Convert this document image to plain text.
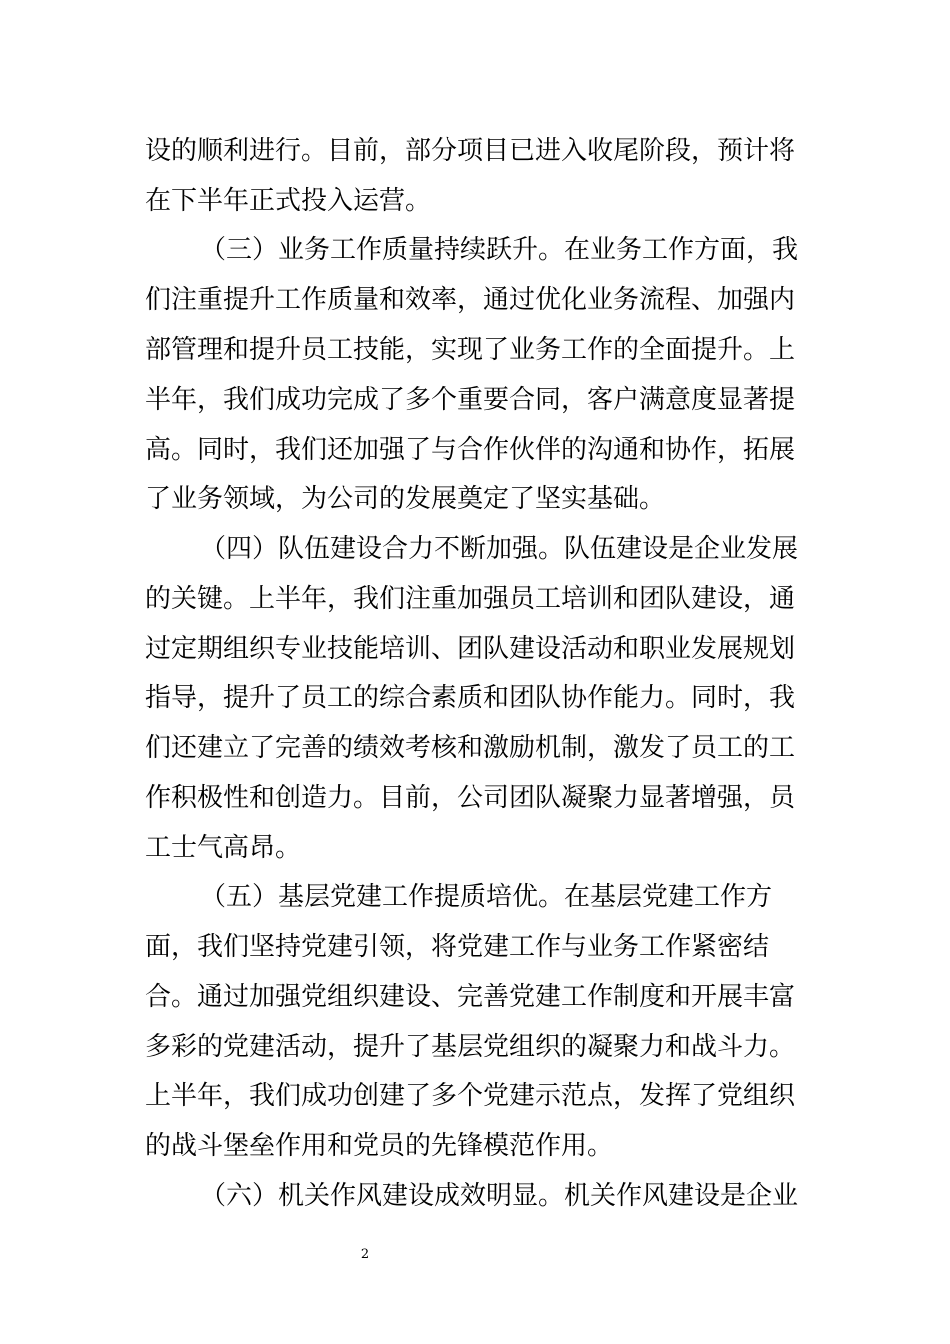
设的顺利进行。目前，部分项目已进入收尾阶段，预计将
在下半年正式投入运营。
（三）业务工作质量持续跃升。在业务工作方面，我
们注重提升工作质量和效率，通过优化业务流程、加强内
部管理和提升员工技能，实现了业务工作的全面提升。上
半年，我们成功完成了多个重要合同，客户满意度显著提
高。同时，我们还加强了与合作伙伴的沟通和协作，拓展
了业务领域，为公司的发展奠定了坚实基础。
（四）队伍建设合力不断加强。队伍建设是企业发展
的关键。上半年，我们注重加强员工培训和团队建设，通
过定期组织专业技能培训、团队建设活动和职业发展规划
指导，提升了员工的综合素质和团队协作能力。同时，我
们还建立了完善的绩效考核和激励机制，激发了员工的工
作积极性和创造力。目前，公司团队凝聚力显著增强，员
工士气高昂。
（五）基层党建工作提质培优。在基层党建工作方
面，我们坚持党建引领，将党建工作与业务工作紧密结
合。通过加强党组织建设、完善党建工作制度和开展丰富
多彩的党建活动，提升了基层党组织的凝聚力和战斗力。
上半年，我们成功创建了多个党建示范点，发挥了党组织
的战斗堡垒作用和党员的先锋模范作用。
（六）机关作风建设成效明显。机关作风建设是企业
2
